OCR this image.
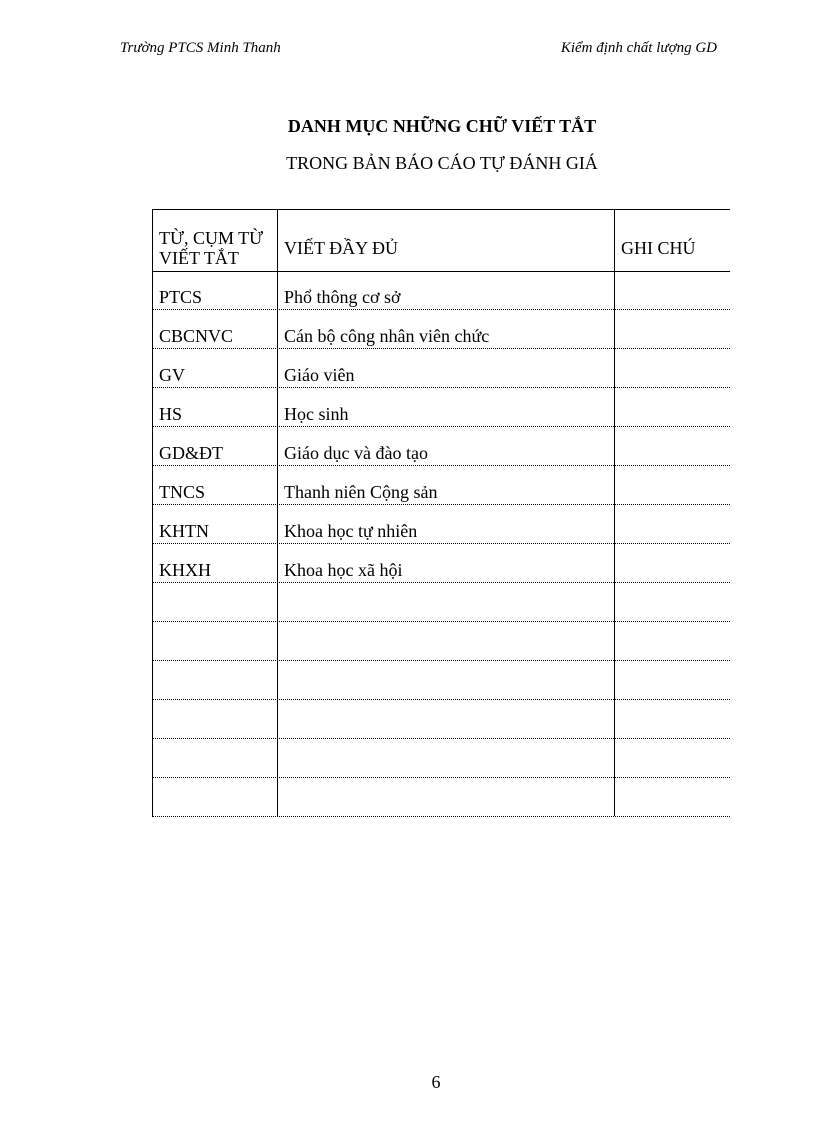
Trường PTCS Minh Thanh	Kiểm định chất lượng GD
DANH MỤC NHỮNG CHỮ VIẾT TẮT
TRONG BẢN BÁO CÁO TỰ ĐÁNH GIÁ
TỪ, CỤM TỪ
VIẾT TẮT	VIẾT ĐẦY ĐỦ	GHI CHÚ
PTCS	Phổ thông cơ sở
CBCNVC	Cán bộ công nhân viên chức
GV	Giáo viên
HS	Học sinh
GD&ĐT	Giáo dục và đào tạo
TNCS	Thanh niên Cộng sản
KHTN	Khoa học tự nhiên
KHXH	Khoa học xã hội
6
